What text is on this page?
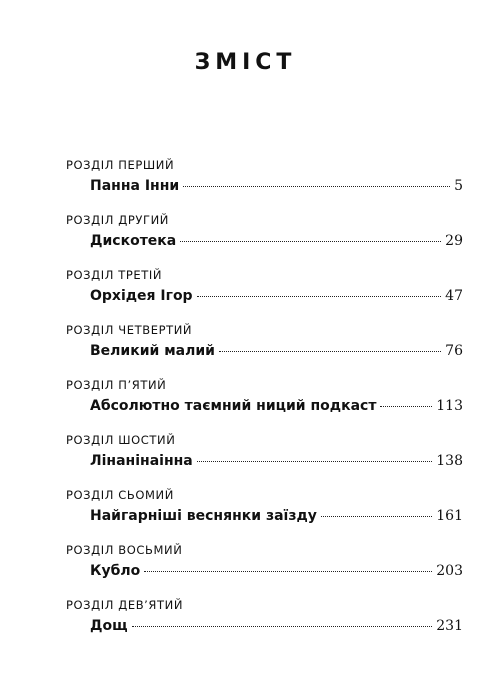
ЗМІСТ
РОЗДІЛ ПЕРШИЙ
Панна Інни	5
РОЗДІЛ ДРУГИЙ
Дискотека	29
РОЗДІЛ ТРЕТІЙ
Орхідея Ігор	47
РОЗДІЛ ЧЕТВЕРТИЙ
Великий малий	76
РОЗДІЛ П’ЯТИЙ
Абсолютно таємний ниций подкаст	113
РОЗДІЛ ШОСТИЙ
Лінанінаінна	138
РОЗДІЛ СЬОМИЙ
Найгарніші веснянки заїзду	161
РОЗДІЛ ВОСЬМИЙ
Кубло	203
РОЗДІЛ ДЕВ’ЯТИЙ
Дощ	231
